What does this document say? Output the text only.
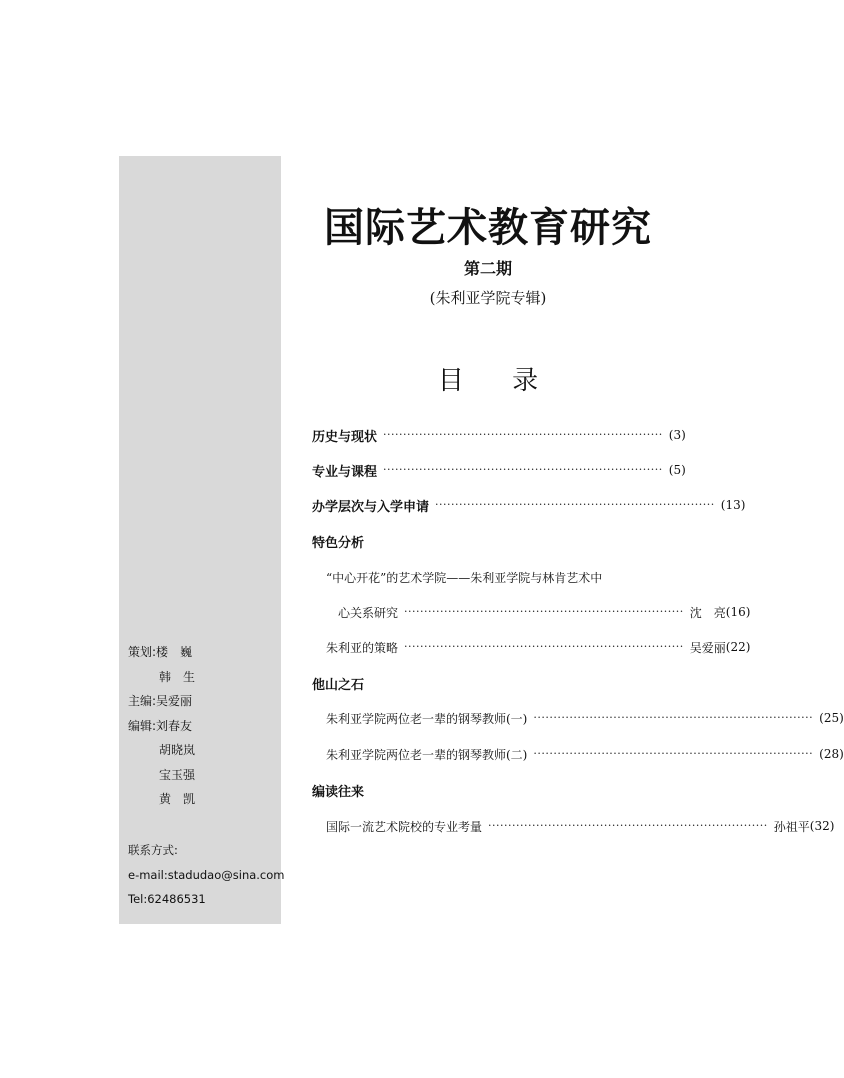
策划:楼　巍
韩　生
主编:吴爱丽
编辑:刘春友
胡晓岚
宝玉强
黄　凯
联系方式:
e-mail:stadudao@sina.com
Tel:62486531
国际艺术教育研究
第二期
(朱利亚学院专辑)
目 录
历史与现状 ······································································ (3)
专业与课程 ······································································ (5)
办学层次与入学申请 ······································································ (13)
特色分析
“中心开花”的艺术学院——朱利亚学院与林肯艺术中
心关系研究 ······································································ 沈　亮 (16)
朱利亚的策略 ······································································ 吴爱丽 (22)
他山之石
朱利亚学院两位老一辈的钢琴教师(一) ······································································ (25)
朱利亚学院两位老一辈的钢琴教师(二) ······································································ (28)
编读往来
国际一流艺术院校的专业考量 ······································································ 孙祖平 (32)
